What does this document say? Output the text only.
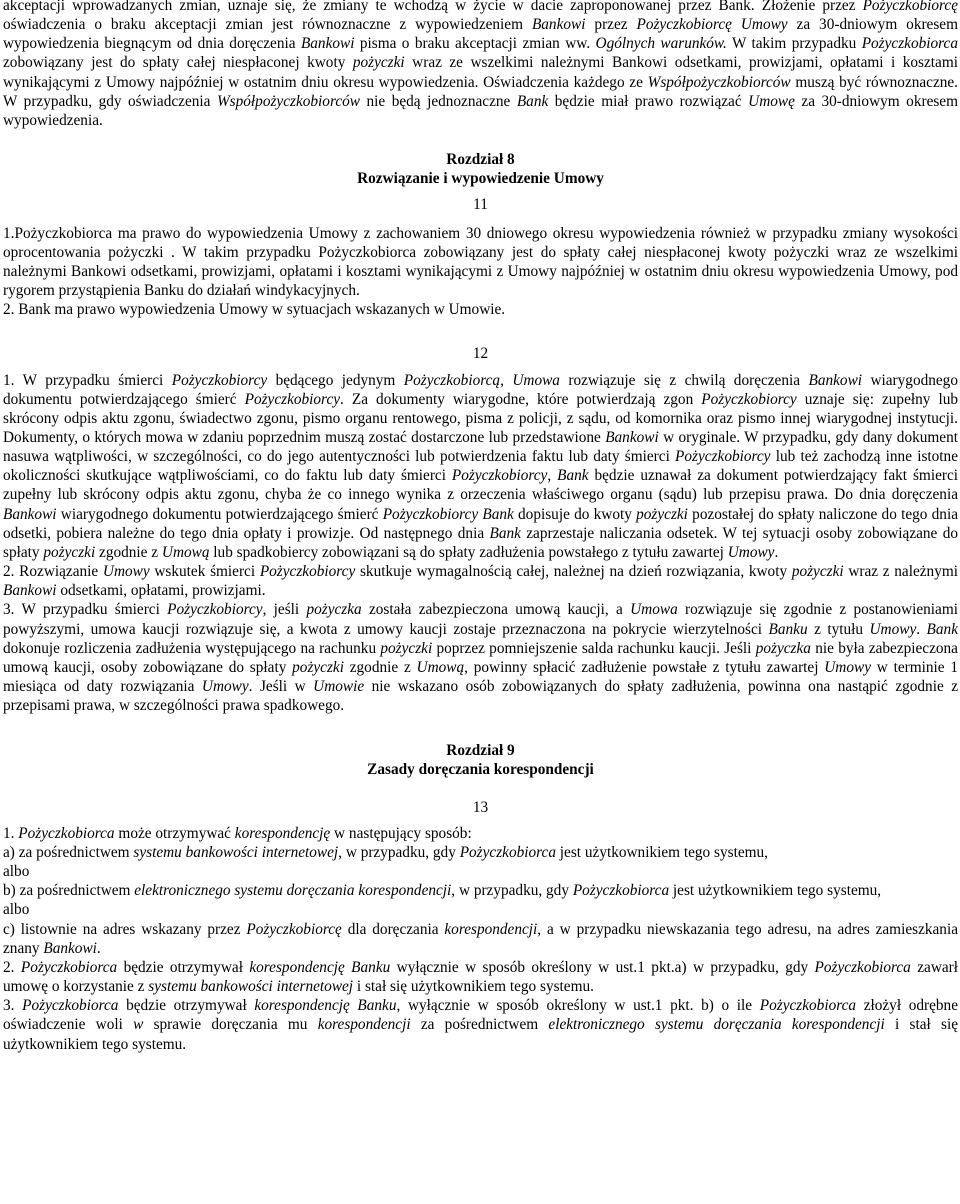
akceptacji wprowadzanych zmian, uznaje się, że zmiany te wchodzą w życie w dacie zaproponowanej przez Bank. Złożenie przez Pożyczkobiorcę oświadczenia o braku akceptacji zmian jest równoznaczne z wypowiedzeniem Bankowi przez Pożyczkobiorcę Umowy za 30-dniowym okresem wypowiedzenia biegnącym od dnia doręczenia Bankowi pisma o braku akceptacji zmian ww. Ogólnych warunków. W takim przypadku Pożyczkobiorca zobowiązany jest do spłaty całej niespłaconej kwoty pożyczki wraz ze wszelkimi należnymi Bankowi odsetkami, prowizjami, opłatami i kosztami wynikającymi z Umowy najpóźniej w ostatnim dniu okresu wypowiedzenia. Oświadczenia każdego ze Współpożyczkobiorców muszą być równoznaczne. W przypadku, gdy oświadczenia Współpożyczkobiorców nie będą jednoznaczne Bank będzie miał prawo rozwiązać Umowę za 30-dniowym okresem wypowiedzenia.

Rozdział 8

Rozwiązanie i wypowiedzenie Umowy

11

1.Pożyczkobiorca ma prawo do wypowiedzenia Umowy z zachowaniem 30 dniowego okresu wypowiedzenia również w przypadku zmiany wysokości oprocentowania pożyczki . W takim przypadku Pożyczkobiorca zobowiązany jest do spłaty całej niespłaconej kwoty pożyczki wraz ze wszelkimi należnymi Bankowi odsetkami, prowizjami, opłatami i kosztami wynikającymi z Umowy najpóźniej w ostatnim dniu okresu wypowiedzenia Umowy, pod rygorem przystąpienia Banku do działań windykacyjnych.

2. Bank ma prawo wypowiedzenia Umowy w sytuacjach wskazanych w Umowie.

12

1. W przypadku śmierci Pożyczkobiorcy będącego jedynym Pożyczkobiorcą, Umowa rozwiązuje się z chwilą doręczenia Bankowi wiarygodnego dokumentu potwierdzającego śmierć Pożyczkobiorcy. Za dokumenty wiarygodne, które potwierdzają zgon Pożyczkobiorcy uznaje się: zupełny lub skrócony odpis aktu zgonu, świadectwo zgonu, pismo organu rentowego, pisma z policji, z sądu, od komornika oraz pismo innej wiarygodnej instytucji. Dokumenty, o których mowa w zdaniu poprzednim muszą zostać dostarczone lub przedstawione Bankowi w oryginale. W przypadku, gdy dany dokument nasuwa wątpliwości, w szczególności, co do jego autentyczności lub potwierdzenia faktu lub daty śmierci Pożyczkobiorcy lub też zachodzą inne istotne okoliczności skutkujące wątpliwościami, co do faktu lub daty śmierci Pożyczkobiorcy, Bank będzie uznawał za dokument potwierdzający fakt śmierci zupełny lub skrócony odpis aktu zgonu, chyba że co innego wynika z orzeczenia właściwego organu (sądu) lub przepisu prawa. Do dnia doręczenia Bankowi wiarygodnego dokumentu potwierdzającego śmierć Pożyczkobiorcy Bank dopisuje do kwoty pożyczki pozostałej do spłaty naliczone do tego dnia odsetki, pobiera należne do tego dnia opłaty i prowizje. Od następnego dnia Bank zaprzestaje naliczania odsetek. W tej sytuacji osoby zobowiązane do spłaty pożyczki zgodnie z Umową lub spadkobiercy zobowiązani są do spłaty zadłużenia powstałego z tytułu zawartej Umowy.

2. Rozwiązanie Umowy wskutek śmierci Pożyczkobiorcy skutkuje wymagalnością całej, należnej na dzień rozwiązania, kwoty pożyczki wraz z należnymi Bankowi odsetkami, opłatami, prowizjami.

3. W przypadku śmierci Pożyczkobiorcy, jeśli pożyczka została zabezpieczona umową kaucji, a Umowa rozwiązuje się zgodnie z postanowieniami powyższymi, umowa kaucji rozwiązuje się, a kwota z umowy kaucji zostaje przeznaczona na pokrycie wierzytelności Banku z tytułu Umowy. Bank dokonuje rozliczenia zadłużenia występującego na rachunku pożyczki poprzez pomniejszenie salda rachunku kaucji. Jeśli pożyczka nie była zabezpieczona umową kaucji, osoby zobowiązane do spłaty pożyczki zgodnie z Umową, powinny spłacić zadłużenie powstałe z tytułu zawartej Umowy w terminie 1 miesiąca od daty rozwiązania Umowy. Jeśli w Umowie nie wskazano osób zobowiązanych do spłaty zadłużenia, powinna ona nastąpić zgodnie z przepisami prawa, w szczególności prawa spadkowego.

Rozdział 9

Zasady doręczania korespondencji

13

1. Pożyczkobiorca może otrzymywać korespondencję w następujący sposób:

a) za pośrednictwem systemu bankowości internetowej, w przypadku, gdy Pożyczkobiorca jest użytkownikiem tego systemu,

albo

b) za pośrednictwem elektronicznego systemu doręczania korespondencji, w przypadku, gdy Pożyczkobiorca jest użytkownikiem tego systemu,

albo

c) listownie na adres wskazany przez Pożyczkobiorcę dla doręczania korespondencji, a w przypadku niewskazania tego adresu, na adres zamieszkania znany Bankowi.

2. Pożyczkobiorca będzie otrzymywał korespondencję Banku wyłącznie w sposób określony w ust.1 pkt.a) w przypadku, gdy Pożyczkobiorca zawarł umowę o korzystanie z systemu bankowości internetowej i stał się użytkownikiem tego systemu.

3. Pożyczkobiorca będzie otrzymywał korespondencję Banku, wyłącznie w sposób określony w ust.1 pkt. b) o ile Pożyczkobiorca złożył odrębne oświadczenie woli w sprawie doręczania mu korespondencji za pośrednictwem elektronicznego systemu doręczania korespondencji i stał się użytkownikiem tego systemu.
